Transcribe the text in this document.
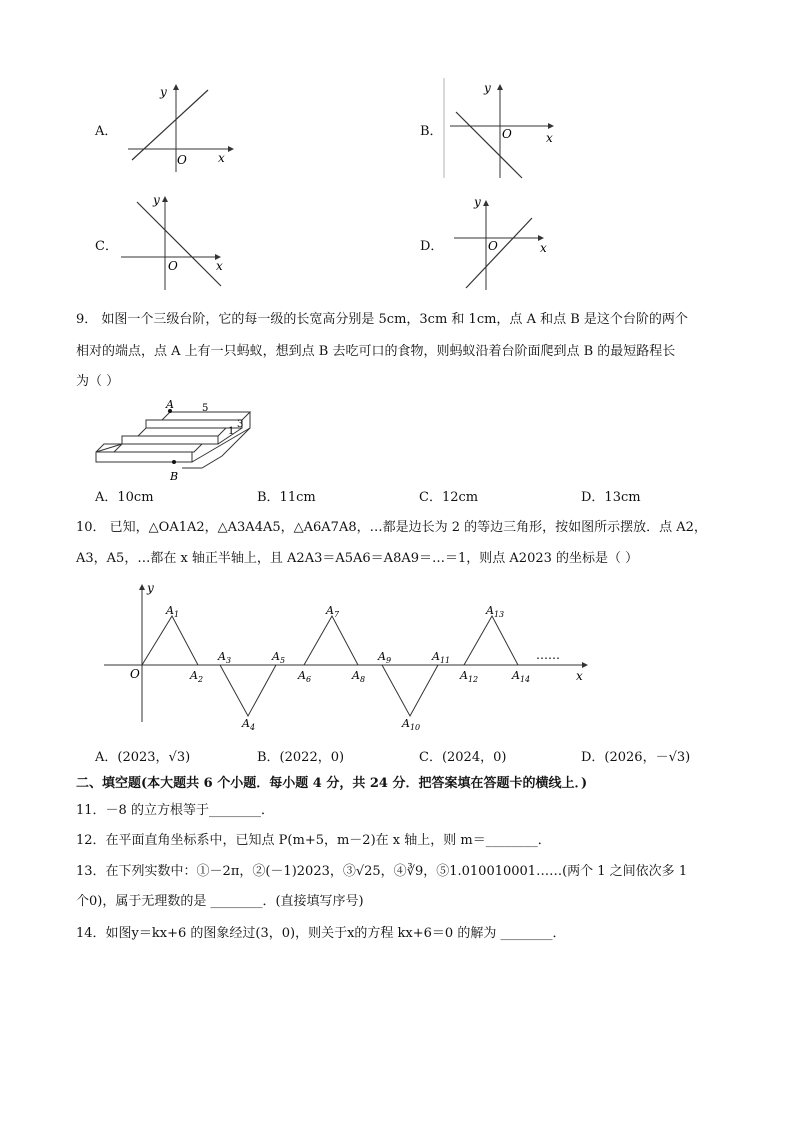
A．
y
x
O
B．
y
x
O
C．
y
x
O
D．
y
x
O
9． 如图一个三级台阶，它的每一级的长宽高分别是 5cm，3cm 和 1cm，点 A 和点 B 是这个台阶的两个
相对的端点，点 A 上有一只蚂蚁，想到点 B 去吃可口的食物，则蚂蚁沿着台阶面爬到点 B 的最短路程长
为（ ）
A
B
5
3
1
A．10cm	B．11cm	C．12cm	D．13cm
10． 已知，△OA1A2，△A3A4A5，△A6A7A8，…都是边长为 2 的等边三角形，按如图所示摆放．点 A2，
A3，A5，…都在 x 轴正半轴上，且 A2A3＝A5A6＝A8A9＝…＝1，则点 A2023 的坐标是（ ）
y
x
O
……
$A_1$
$A_2$
$A_3$
$A_4$
$A_5$
$A_6$
$A_7$
$A_8$
$A_9$
$A_{10}$
$A_{11}$
$A_{12}$
$A_{13}$
$A_{14}$
A．(2023，√3)	B．(2022，0)	C．(2024，0)	D．(2026，－√3)
二、填空题(本大题共 6 个小题．每小题 4 分，共 24 分．把答案填在答题卡的横线上．)
11．－8 的立方根等于________．
12．在平面直角坐标系中，已知点 P(m+5，m－2)在 x 轴上，则 m＝________．
13．在下列实数中：①－2π，②(－1)2023，③√25，④∛9，⑤1.010010001……(两个 1 之间依次多 1
个0)，属于无理数的是 ________．(直接填写序号)
14．如图y＝kx+6 的图象经过(3，0)，则关于x的方程 kx+6＝0 的解为 ________．
